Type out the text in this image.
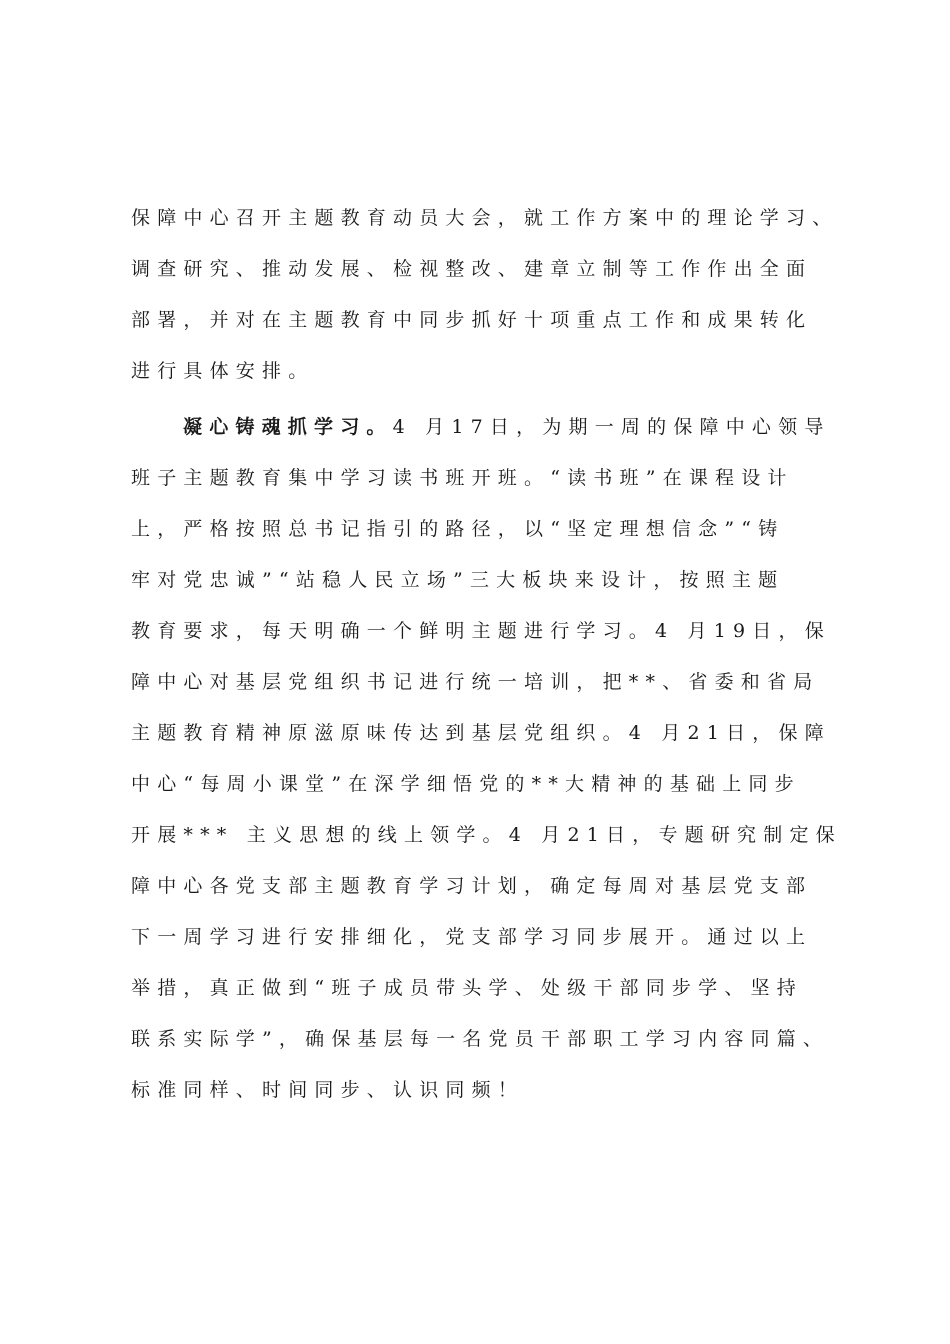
保障中心召开主题教育动员大会，就工作方案中的理论学习、
调查研究、推动发展、检视整改、建章立制等工作作出全面
部署，并对在主题教育中同步抓好十项重点工作和成果转化
进行具体安排。
凝心铸魂抓学习。4 月17日，为期一周的保障中心领导
班子主题教育集中学习读书班开班。“读书班”在课程设计
上，严格按照总书记指引的路径，以“坚定理想信念”“铸
牢对党忠诚”“站稳人民立场”三大板块来设计，按照主题
教育要求，每天明确一个鲜明主题进行学习。4 月19日，保
障中心对基层党组织书记进行统一培训，把**、省委和省局
主题教育精神原滋原味传达到基层党组织。4 月21日，保障
中心“每周小课堂”在深学细悟党的**大精神的基础上同步
开展*** 主义思想的线上领学。4 月21日，专题研究制定保
障中心各党支部主题教育学习计划，确定每周对基层党支部
下一周学习进行安排细化，党支部学习同步展开。通过以上
举措，真正做到“班子成员带头学、处级干部同步学、坚持
联系实际学”，确保基层每一名党员干部职工学习内容同篇、
标准同样、时间同步、认识同频！
